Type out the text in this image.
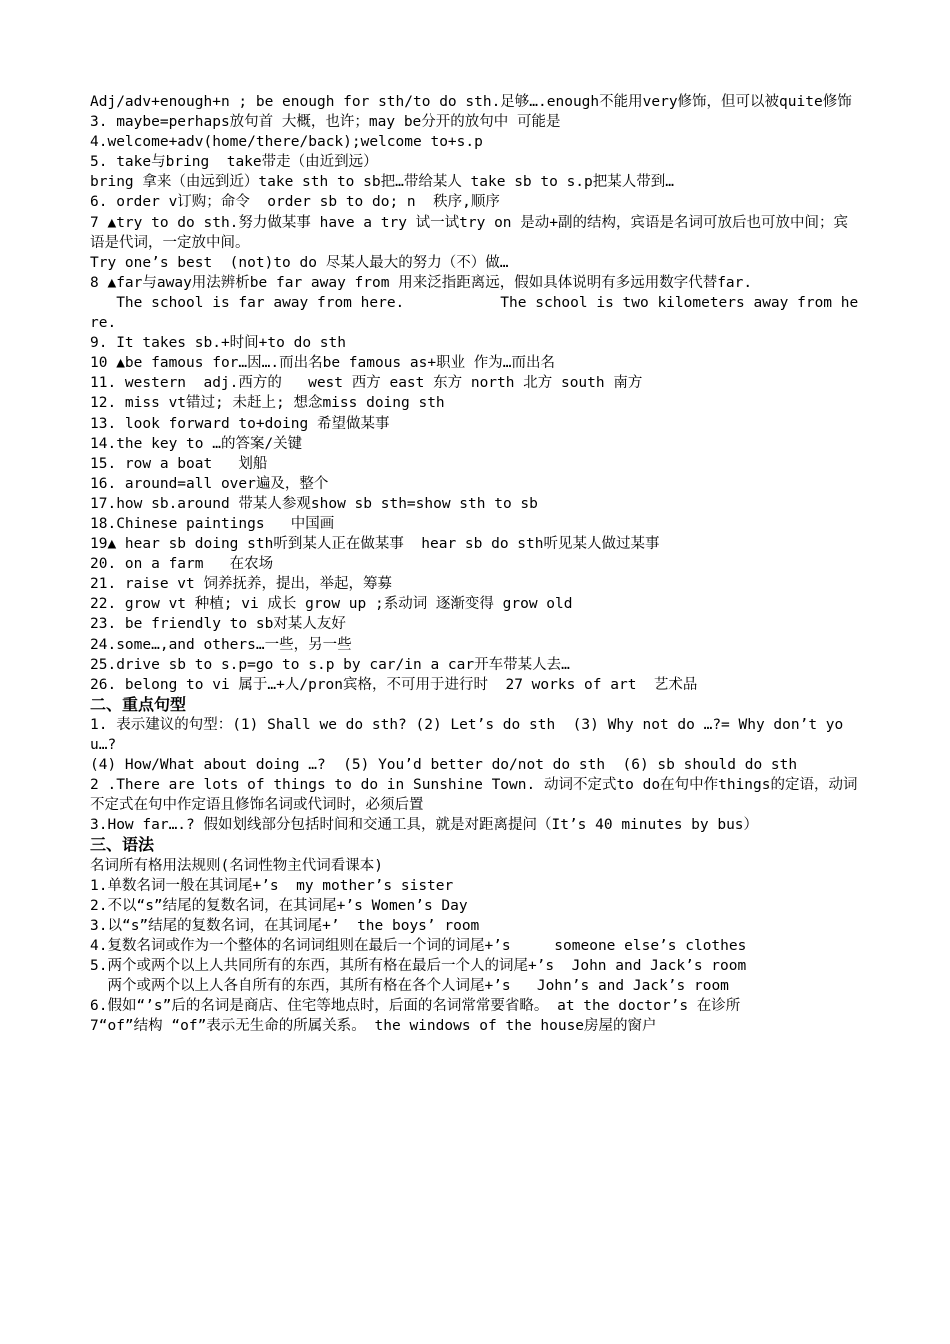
Adj/adv+enough+n ; be enough for sth/to do sth.足够….enough不能用very修饰，但可以被quite修饰
3. maybe=perhaps放句首 大概，也许；may be分开的放句中 可能是
4.welcome+adv(home/there/back);welcome to+s.p
5. take与bring  take带走（由近到远）
bring 拿来（由远到近）take sth to sb把…带给某人 take sb to s.p把某人带到…
6. order v订购；命令  order sb to do; n  秩序,顺序
7 ▲try to do sth.努力做某事 have a try 试一试try on 是动+副的结构，宾语是名词可放后也可放中间；宾语是代词，一定放中间。
Try one’s best  (not)to do 尽某人最大的努力（不）做…
8 ▲far与away用法辨析be far away from 用来泛指距离远，假如具体说明有多远用数字代替far.
The school is far away from here.           The school is two kilometers away from here.
9. It takes sb.+时间+to do sth
10 ▲be famous for…因….而出名be famous as+职业 作为…而出名
11. western  adj.西方的   west 西方 east 东方 north 北方 south 南方
12. miss vt错过; 未赶上; 想念miss doing sth
13. look forward to+doing 希望做某事
14.the key to …的答案/关键
15. row a boat   划船
16. around=all over遍及，整个
17.how sb.around 带某人参观show sb sth=show sth to sb
18.Chinese paintings   中国画
19▲ hear sb doing sth听到某人正在做某事  hear sb do sth听见某人做过某事
20. on a farm   在农场
21. raise vt 饲养抚养，提出，举起，筹募
22. grow vt 种植; vi 成长 grow up ;系动词 逐渐变得 grow old
23. be friendly to sb对某人友好
24.some…,and others…一些，另一些
25.drive sb to s.p=go to s.p by car/in a car开车带某人去…
26. belong to vi 属于…+人/pron宾格，不可用于进行时  27 works of art  艺术品
二、重点句型
1. 表示建议的句型：(1) Shall we do sth? (2) Let’s do sth  (3) Why not do …?= Why don’t you…?
(4) How/What about doing …?  (5) You’d better do/not do sth  (6) sb should do sth
2 .There are lots of things to do in Sunshine Town. 动词不定式to do在句中作things的定语，动词不定式在句中作定语且修饰名词或代词时，必须后置
3.How far….? 假如划线部分包括时间和交通工具，就是对距离提问（It’s 40 minutes by bus）
三、语法
名词所有格用法规则(名词性物主代词看课本)
1.单数名词一般在其词尾+’s  my mother’s sister
2.不以“s”结尾的复数名词，在其词尾+’s Women’s Day
3.以“s”结尾的复数名词，在其词尾+’  the boys’ room
4.复数名词或作为一个整体的名词词组则在最后一个词的词尾+’s     someone else’s clothes
5.两个或两个以上人共同所有的东西，其所有格在最后一个人的词尾+’s  John and Jack’s room
两个或两个以上人各自所有的东西，其所有格在各个人词尾+’s   John’s and Jack’s room
6.假如“’s”后的名词是商店、住宅等地点时，后面的名词常常要省略。 at the doctor’s 在诊所
7“of”结构 “of”表示无生命的所属关系。 the windows of the house房屋的窗户
